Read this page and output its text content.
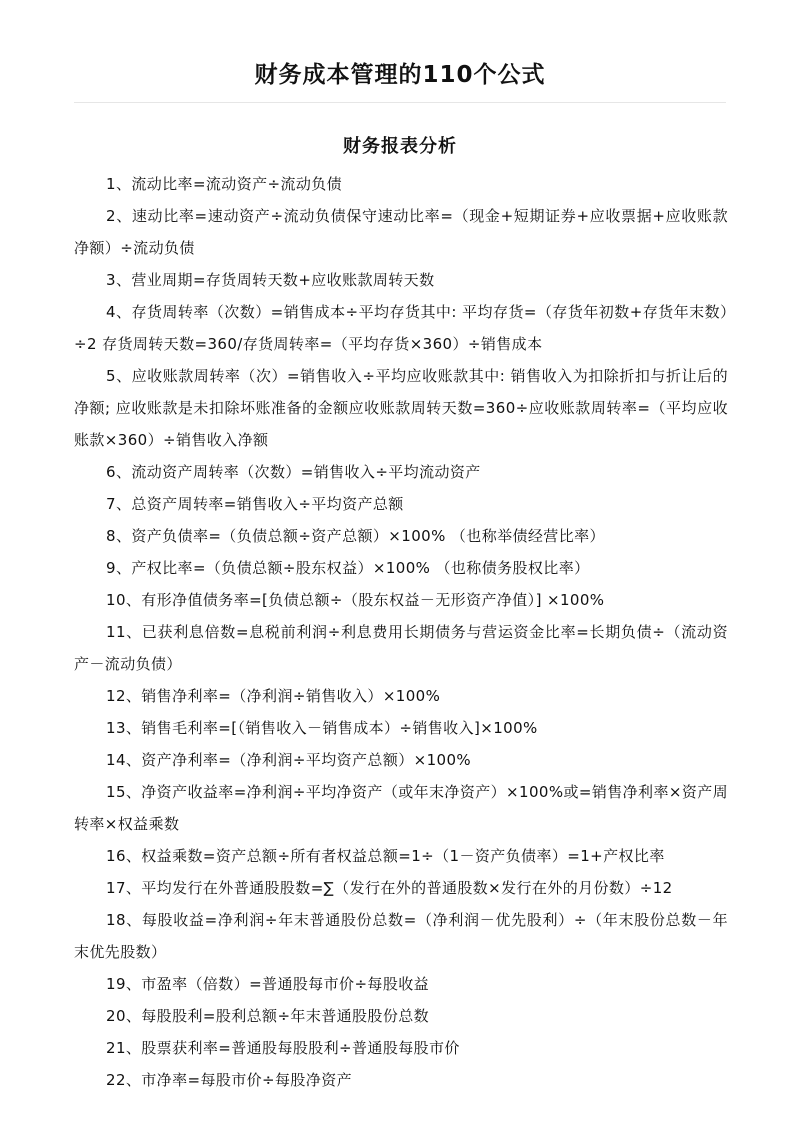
财务成本管理的110个公式
财务报表分析

1、流动比率=流动资产÷流动负债

2、速动比率=速动资产÷流动负债保守速动比率=（现金+短期证券+应收票据+应收账款净额）÷流动负债

3、营业周期=存货周转天数+应收账款周转天数

4、存货周转率（次数）=销售成本÷平均存货其中: 平均存货=（存货年初数+存货年末数）÷2 存货周转天数=360/存货周转率=（平均存货×360）÷销售成本

5、应收账款周转率（次）=销售收入÷平均应收账款其中: 销售收入为扣除折扣与折让后的净额; 应收账款是未扣除坏账准备的金额应收账款周转天数=360÷应收账款周转率=（平均应收账款×360）÷销售收入净额

6、流动资产周转率（次数）=销售收入÷平均流动资产

7、总资产周转率=销售收入÷平均资产总额

8、资产负债率=（负债总额÷资产总额）×100% （也称举债经营比率）

9、产权比率=（负债总额÷股东权益）×100% （也称债务股权比率）

10、有形净值债务率=[负债总额÷（股东权益－无形资产净值）] ×100%

11、已获利息倍数=息税前利润÷利息费用长期债务与营运资金比率=长期负债÷（流动资产－流动负债）

12、销售净利率=（净利润÷销售收入）×100%

13、销售毛利率=[（销售收入－销售成本）÷销售收入]×100%

14、资产净利率=（净利润÷平均资产总额）×100%

15、净资产收益率=净利润÷平均净资产（或年末净资产）×100%或=销售净利率×资产周转率×权益乘数

16、权益乘数=资产总额÷所有者权益总额=1÷（1－资产负债率）=1+产权比率

17、平均发行在外普通股股数=∑（发行在外的普通股数×发行在外的月份数）÷12

18、每股收益=净利润÷年末普通股份总数=（净利润－优先股利）÷（年末股份总数－年末优先股数）

19、市盈率（倍数）=普通股每市价÷每股收益

20、每股股利=股利总额÷年末普通股股份总数

21、股票获利率=普通股每股股利÷普通股每股市价

22、市净率=每股市价÷每股净资产
